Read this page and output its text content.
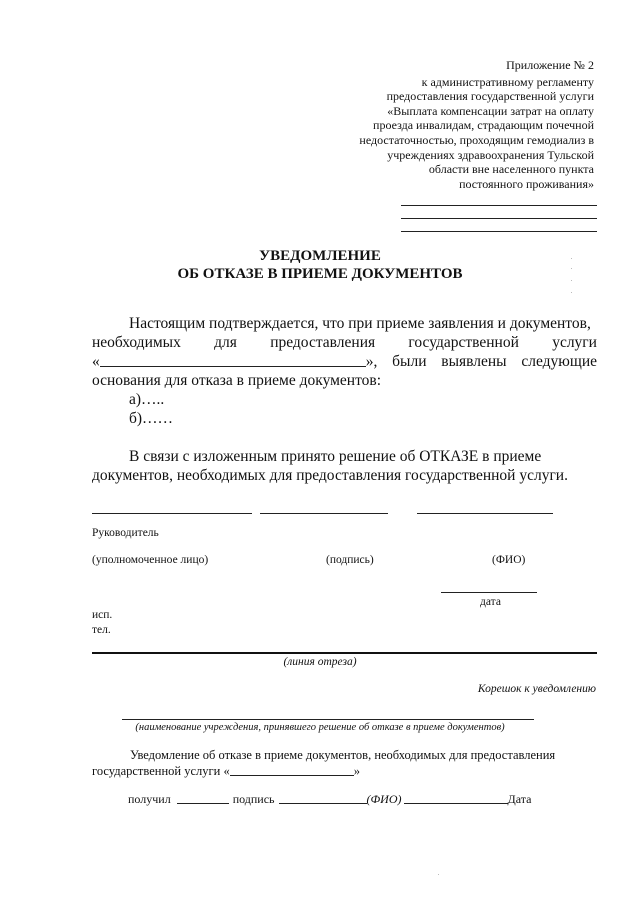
Приложение № 2
к административному регламенту
предоставления государственной услуги
«Выплата компенсации затрат на оплату
проезда инвалидам, страдающим почечной
недостаточностью, проходящим гемодиализ в
учреждениях здравоохранения Тульской
области вне населенного пункта
постоянного проживания»
УВЕДОМЛЕНИЕ
ОБ ОТКАЗЕ В ПРИЕМЕ ДОКУМЕНТОВ
Настоящим подтверждается, что при приеме заявления и документов,
необходимых для предоставления государственной услуги
«	», были выявлены следующие
основания для отказа в приеме документов:
а)…..
б)……
В связи с изложенным принято решение об ОТКАЗЕ в приеме
документов, необходимых для предоставления государственной услуги.
Руководитель
(уполномоченное лицо)	(подпись)	(ФИО)
дата
исп.
тел.
(линия отреза)
Корешок к уведомлению
(наименование учреждения, принявшего решение об отказе в приеме документов)
Уведомление об отказе в приеме документов, необходимых для предоставления
государственной услуги «	»
получил	подпись	(ФИО)	Дата
